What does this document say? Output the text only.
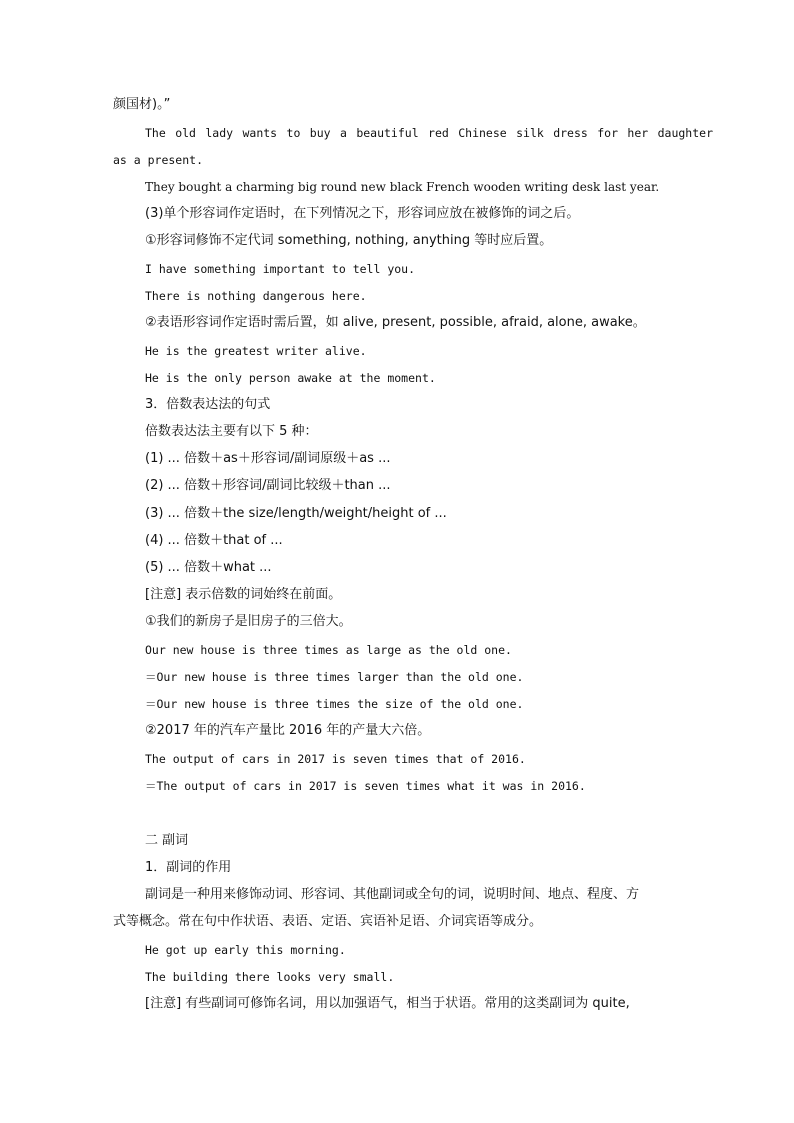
颜国材)。”
The old lady wants to buy a beautiful red Chinese silk dress for her daughter
as a present.
They bought a charming big round new black French wooden writing desk last year.
(3)单个形容词作定语时，在下列情况之下，形容词应放在被修饰的词之后。
①形容词修饰不定代词 something, nothing, anything 等时应后置。
I have something important to tell you.
There is nothing dangerous here.
②表语形容词作定语时需后置，如 alive, present, possible, afraid, alone, awake。
He is the greatest writer alive.
He is the only person awake at the moment.
3．倍数表达法的句式
倍数表达法主要有以下 5 种：
(1) ... 倍数＋as＋形容词/副词原级＋as ...
(2) ... 倍数＋形容词/副词比较级＋than ...
(3) ... 倍数＋the size/length/weight/height of ...
(4) ... 倍数＋that of ...
(5) ... 倍数＋what ...
[注意] 表示倍数的词始终在前面。
①我们的新房子是旧房子的三倍大。
Our new house is three times as large as the old one.
＝Our new house is three times larger than the old one.
＝Our new house is three times the size of the old one.
②2017 年的汽车产量比 2016 年的产量大六倍。
The output of cars in 2017 is seven times that of 2016.
＝The output of cars in 2017 is seven times what it was in 2016.
二 副词
1．副词的作用
副词是一种用来修饰动词、形容词、其他副词或全句的词，说明时间、地点、程度、方
式等概念。常在句中作状语、表语、定语、宾语补足语、介词宾语等成分。
He got up early this morning.
The building there looks very small.
[注意] 有些副词可修饰名词，用以加强语气，相当于状语。常用的这类副词为 quite,
